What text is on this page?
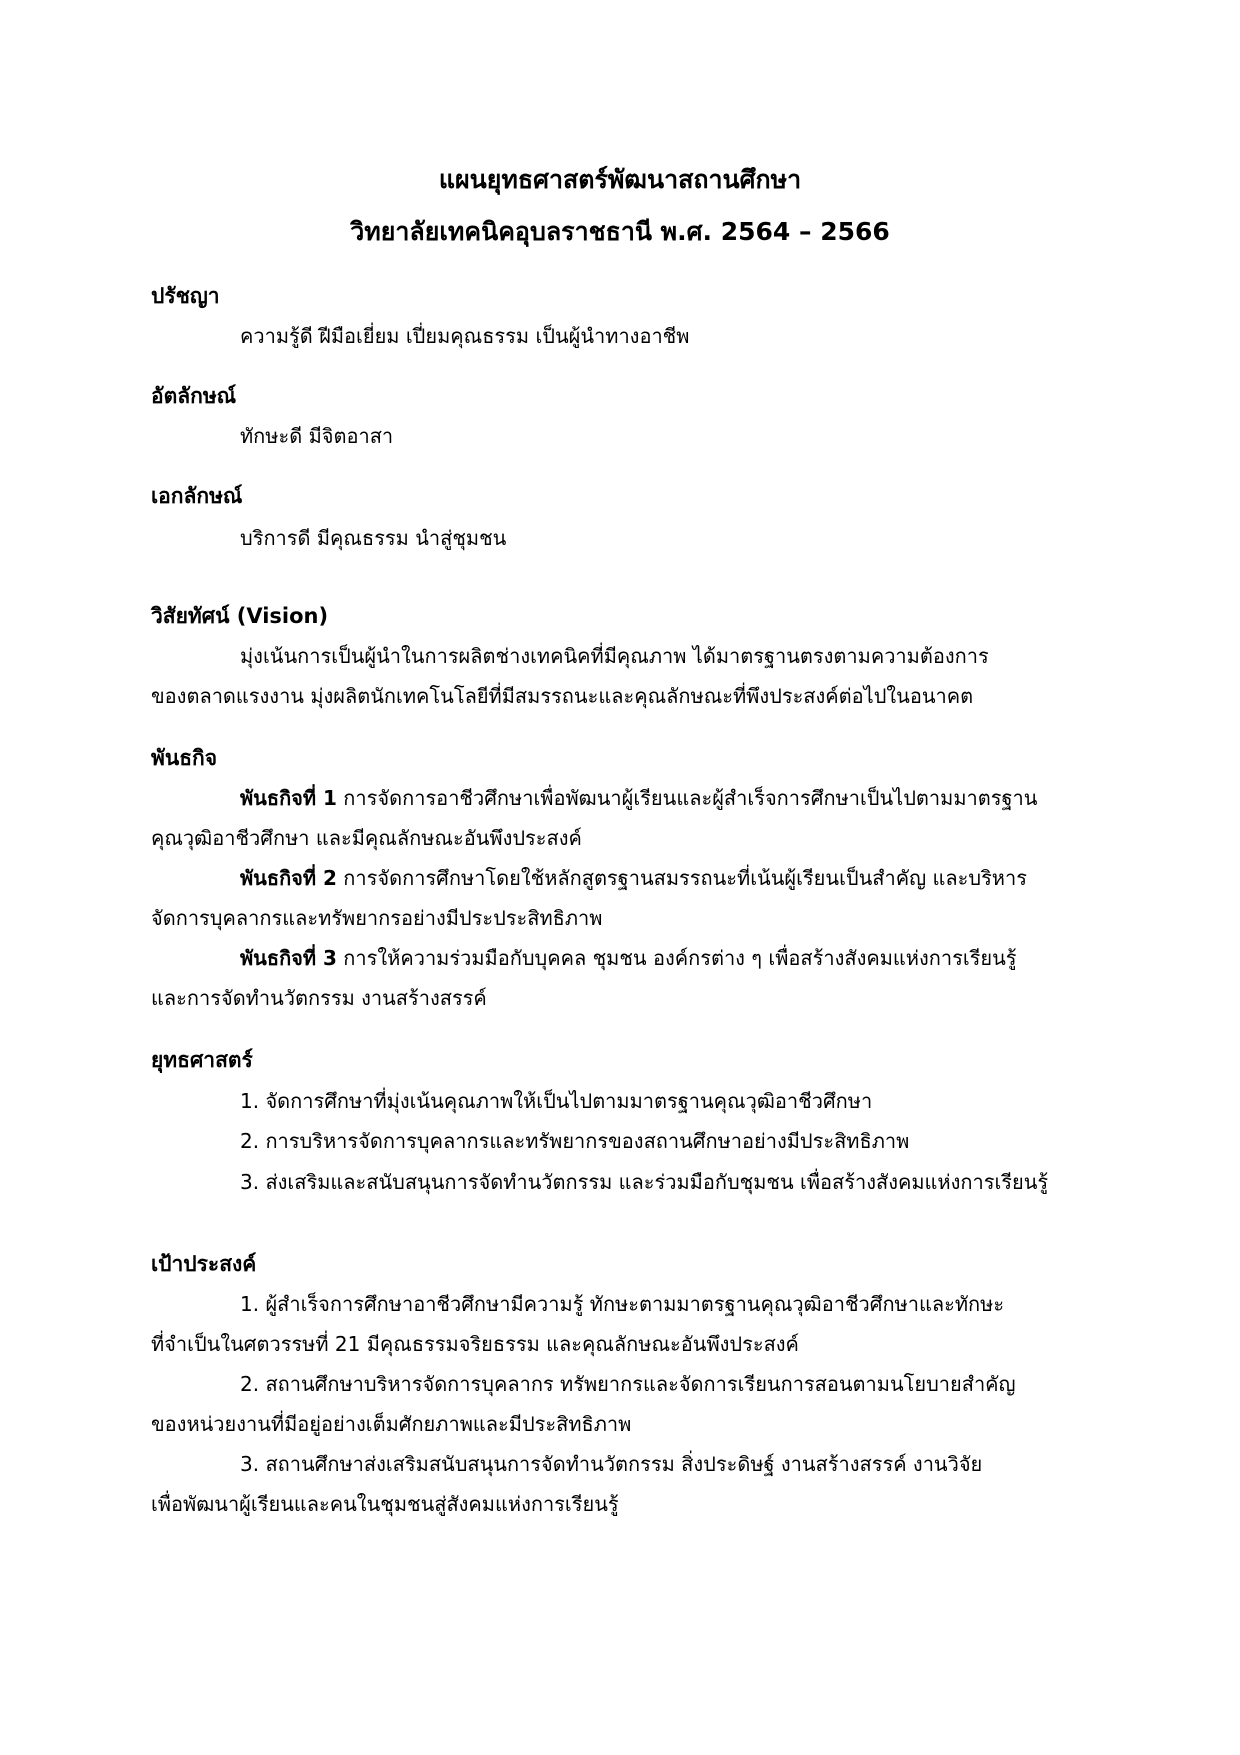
แผนยุทธศาสตร์พัฒนาสถานศึกษา
วิทยาลัยเทคนิคอุบลราชธานี พ.ศ. 2564 – 2566
ปรัชญา
ความรู้ดี ฝีมือเยี่ยม เปี่ยมคุณธรรม เป็นผู้นำทางอาชีพ
อัตลักษณ์
ทักษะดี มีจิตอาสา
เอกลักษณ์
บริการดี มีคุณธรรม นำสู่ชุมชน
วิสัยทัศน์ (Vision)
มุ่งเน้นการเป็นผู้นำในการผลิตช่างเทคนิคที่มีคุณภาพ ได้มาตรฐานตรงตามความต้องการ
ของตลาดแรงงาน มุ่งผลิตนักเทคโนโลยีที่มีสมรรถนะและคุณลักษณะที่พึงประสงค์ต่อไปในอนาคต
พันธกิจ
พันธกิจที่ 1 การจัดการอาชีวศึกษาเพื่อพัฒนาผู้เรียนและผู้สำเร็จการศึกษาเป็นไปตามมาตรฐาน
คุณวุฒิอาชีวศึกษา และมีคุณลักษณะอันพึงประสงค์
พันธกิจที่ 2 การจัดการศึกษาโดยใช้หลักสูตรฐานสมรรถนะที่เน้นผู้เรียนเป็นสำคัญ และบริหาร
จัดการบุคลากรและทรัพยากรอย่างมีประประสิทธิภาพ
พันธกิจที่ 3 การให้ความร่วมมือกับบุคคล ชุมชน องค์กรต่าง ๆ เพื่อสร้างสังคมแห่งการเรียนรู้
และการจัดทำนวัตกรรม งานสร้างสรรค์
ยุทธศาสตร์
1. จัดการศึกษาที่มุ่งเน้นคุณภาพให้เป็นไปตามมาตรฐานคุณวุฒิอาชีวศึกษา
2. การบริหารจัดการบุคลากรและทรัพยากรของสถานศึกษาอย่างมีประสิทธิภาพ
3. ส่งเสริมและสนับสนุนการจัดทำนวัตกรรม และร่วมมือกับชุมชน เพื่อสร้างสังคมแห่งการเรียนรู้
เป้าประสงค์
1. ผู้สำเร็จการศึกษาอาชีวศึกษามีความรู้ ทักษะตามมาตรฐานคุณวุฒิอาชีวศึกษาและทักษะ
ที่จำเป็นในศตวรรษที่ 21 มีคุณธรรมจริยธรรม และคุณลักษณะอันพึงประสงค์
2. สถานศึกษาบริหารจัดการบุคลากร ทรัพยากรและจัดการเรียนการสอนตามนโยบายสำคัญ
ของหน่วยงานที่มีอยู่อย่างเต็มศักยภาพและมีประสิทธิภาพ
3. สถานศึกษาส่งเสริมสนับสนุนการจัดทำนวัตกรรม สิ่งประดิษฐ์ งานสร้างสรรค์ งานวิจัย
เพื่อพัฒนาผู้เรียนและคนในชุมชนสู่สังคมแห่งการเรียนรู้
